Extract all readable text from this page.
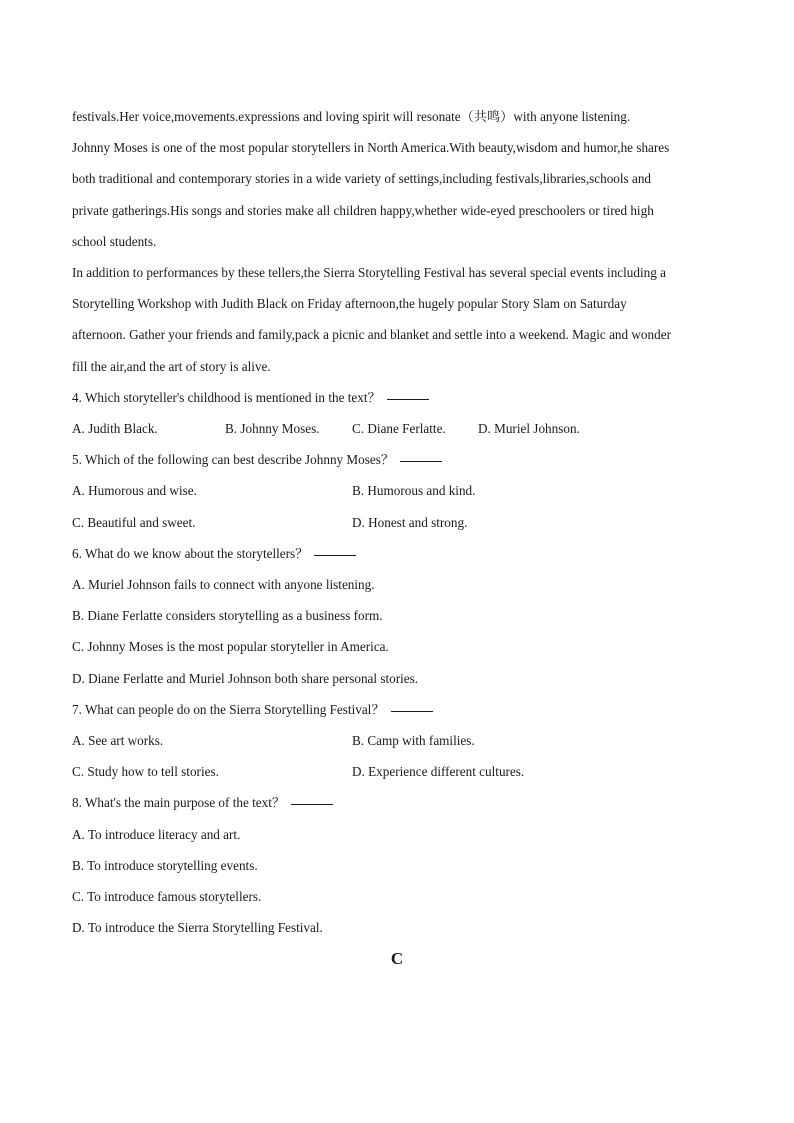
festivals.Her voice,movements.expressions and loving spirit will resonate（共鸣）with anyone listening.

Johnny Moses is one of the most popular storytellers in North America.With beauty,wisdom and humor,he shares

both traditional and contemporary stories in a wide variety of settings,including festivals,libraries,schools and

private gatherings.His songs and stories make all children happy,whether wide-eyed preschoolers or tired high

school students.

In addition to performances by these tellers,the Sierra Storytelling Festival has several special events including a

Storytelling Workshop with Judith Black on Friday afternoon,the hugely popular Story Slam on Saturday

afternoon. Gather your friends and family,pack a picnic and blanket and settle into a weekend. Magic and wonder

fill the air,and the art of story is alive.

4. Which storyteller's childhood is mentioned in the text？

A. Judith Black.	B. Johnny Moses.	C. Diane Ferlatte.	D. Muriel Johnson.

5. Which of the following can best describe Johnny Moses？

A. Humorous and wise.	B. Humorous and kind.

C. Beautiful and sweet.	D. Honest and strong.

6. What do we know about the storytellers？

A. Muriel Johnson fails to connect with anyone listening.

B. Diane Ferlatte considers storytelling as a business form.

C. Johnny Moses is the most popular storyteller in America.

D. Diane Ferlatte and Muriel Johnson both share personal stories.

7. What can people do on the Sierra Storytelling Festival？

A. See art works.	B. Camp with families.

C. Study how to tell stories.	D. Experience different cultures.

8. What's the main purpose of the text？

A. To introduce literacy and art.

B. To introduce storytelling events.

C. To introduce famous storytellers.

D. To introduce the Sierra Storytelling Festival.

C
